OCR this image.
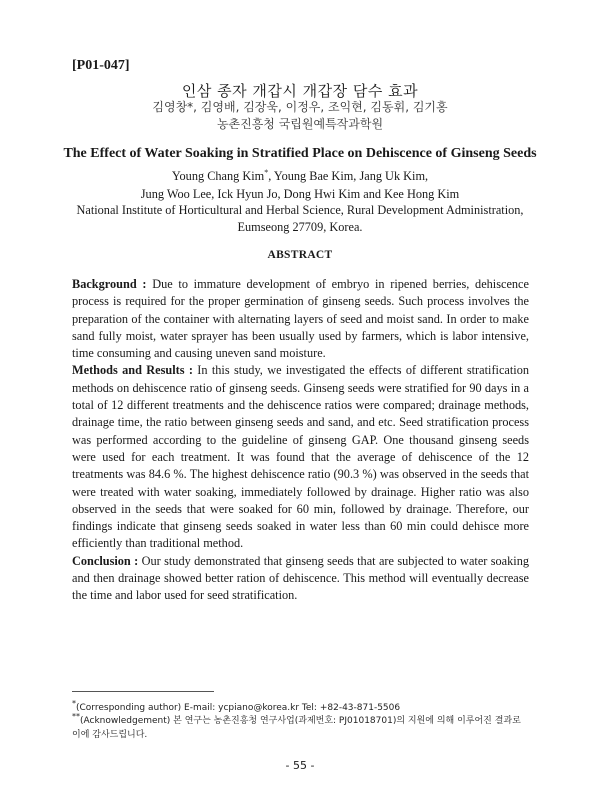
[P01-047]
인삼 종자 개갑시 개갑장 담수 효과
김영창*, 김영배, 김장욱, 이정우, 조익현, 김동휘, 김기홍
농촌진흥청 국립원예특작과학원
The Effect of Water Soaking in Stratified Place on Dehiscence of Ginseng Seeds
Young Chang Kim*, Young Bae Kim, Jang Uk Kim,
Jung Woo Lee, Ick Hyun Jo, Dong Hwi Kim and Kee Hong Kim
National Institute of Horticultural and Herbal Science, Rural Development Administration,
Eumseong 27709, Korea.
ABSTRACT

Background : Due to immature development of embryo in ripened berries, dehiscence process is required for the proper germination of ginseng seeds. Such process involves the preparation of the container with alternating layers of seed and moist sand. In order to make sand fully moist, water sprayer has been usually used by farmers, which is labor intensive, time consuming and causing uneven sand moisture.

Methods and Results : In this study, we investigated the effects of different stratification methods on dehiscence ratio of ginseng seeds. Ginseng seeds were stratified for 90 days in a total of 12 different treatments and the dehiscence ratios were compared; drainage methods, drainage time, the ratio between ginseng seeds and sand, and etc. Seed stratification process was performed according to the guideline of ginseng GAP. One thousand ginseng seeds were used for each treatment. It was found that the average of dehiscence of the 12 treatments was 84.6 %. The highest dehiscence ratio (90.3 %) was observed in the seeds that were treated with water soaking, immediately followed by drainage. Higher ratio was also observed in the seeds that were soaked for 60 min, followed by drainage. Therefore, our findings indicate that ginseng seeds soaked in water less than 60 min could dehisce more efficiently than traditional method.

Conclusion : Our study demonstrated that ginseng seeds that are subjected to water soaking and then drainage showed better ration of dehiscence. This method will eventually decrease the time and labor used for seed stratification.

*(Corresponding author) E-mail: ycpiano@korea.kr Tel: +82-43-871-5506
**(Acknowledgement) 본 연구는 농촌진흥청 연구사업(과제번호: PJ01018701)의 지원에 의해 이루어진 결과로 이에 감사드립니다.
- 55 -
